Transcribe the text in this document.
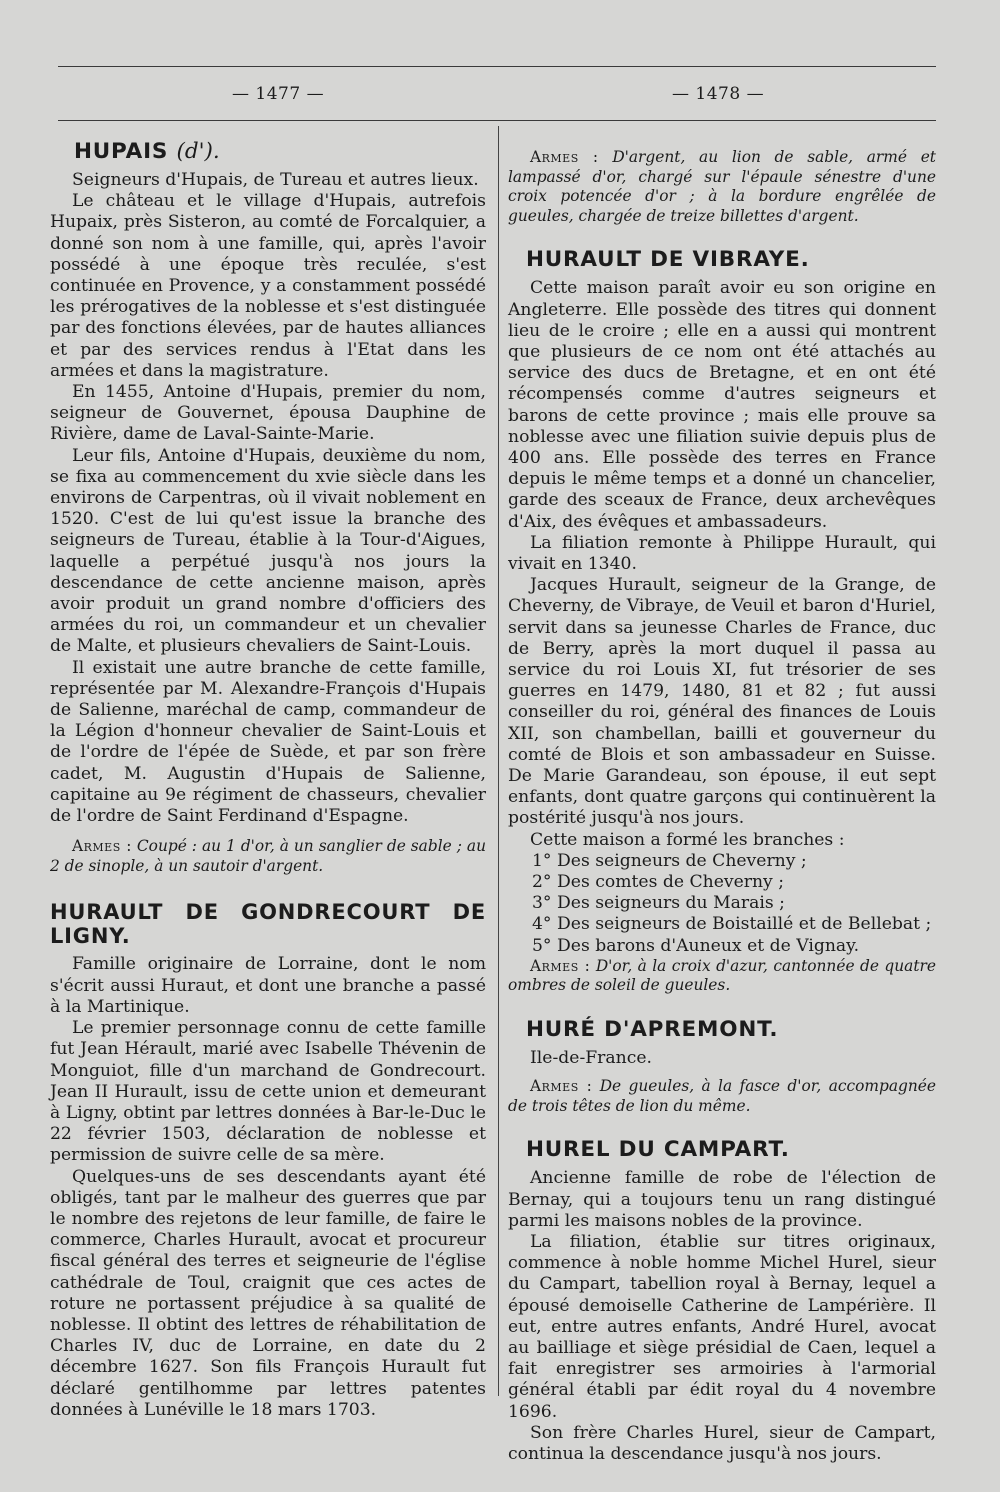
— 1477 —	— 1478 —
HUPAIS (d').

Seigneurs d'Hupais, de Tureau et autres lieux.

Le château et le village d'Hupais, autrefois Hupaix, près Sisteron, au comté de Forcalquier, a donné son nom à une famille, qui, après l'avoir possédé à une époque très reculée, s'est continuée en Provence, y a constamment possédé les prérogatives de la noblesse et s'est distinguée par des fonctions élevées, par de hautes alliances et par des services rendus à l'Etat dans les armées et dans la magistrature.

En 1455, Antoine d'Hupais, premier du nom, seigneur de Gouvernet, épousa Dauphine de Rivière, dame de Laval-Sainte-Marie.

Leur fils, Antoine d'Hupais, deuxième du nom, se fixa au commencement du xvie siècle dans les environs de Carpentras, où il vivait noblement en 1520. C'est de lui qu'est issue la branche des seigneurs de Tureau, établie à la Tour-d'Aigues, laquelle a perpétué jusqu'à nos jours la descendance de cette ancienne maison, après avoir produit un grand nombre d'officiers des armées du roi, un commandeur et un chevalier de Malte, et plusieurs chevaliers de Saint-Louis.

Il existait une autre branche de cette famille, représentée par M. Alexandre-François d'Hupais de Salienne, maréchal de camp, commandeur de la Légion d'honneur chevalier de Saint-Louis et de l'ordre de l'épée de Suède, et par son frère cadet, M. Augustin d'Hupais de Salienne, capitaine au 9e régiment de chasseurs, chevalier de l'ordre de Saint Ferdinand d'Espagne.

Armes : Coupé : au 1 d'or, à un sanglier de sable ; au 2 de sinople, à un sautoir d'argent.

HURAULT DE GONDRECOURT DE LIGNY.

Famille originaire de Lorraine, dont le nom s'écrit aussi Huraut, et dont une branche a passé à la Martinique.

Le premier personnage connu de cette famille fut Jean Hérault, marié avec Isabelle Thévenin de Monguiot, fille d'un marchand de Gondrecourt. Jean II Hurault, issu de cette union et demeurant à Ligny, obtint par lettres données à Bar-le-Duc le 22 février 1503, déclaration de noblesse et permission de suivre celle de sa mère.

Quelques-uns de ses descendants ayant été obligés, tant par le malheur des guerres que par le nombre des rejetons de leur famille, de faire le commerce, Charles Hurault, avocat et procureur fiscal général des terres et seigneurie de l'église cathédrale de Toul, craignit que ces actes de roture ne portassent préjudice à sa qualité de noblesse. Il obtint des lettres de réhabilitation de Charles IV, duc de Lorraine, en date du 2 décembre 1627. Son fils François Hurault fut déclaré gentilhomme par lettres patentes données à Lunéville le 18 mars 1703.

Armes : D'argent, au lion de sable, armé et lampassé d'or, chargé sur l'épaule sénestre d'une croix potencée d'or ; à la bordure engrêlée de gueules, chargée de treize billettes d'argent.

HURAULT DE VIBRAYE.

Cette maison paraît avoir eu son origine en Angleterre. Elle possède des titres qui donnent lieu de le croire ; elle en a aussi qui montrent que plusieurs de ce nom ont été attachés au service des ducs de Bretagne, et en ont été récompensés comme d'autres seigneurs et barons de cette province ; mais elle prouve sa noblesse avec une filiation suivie depuis plus de 400 ans. Elle possède des terres en France depuis le même temps et a donné un chancelier, garde des sceaux de France, deux archevêques d'Aix, des évêques et ambassadeurs.

La filiation remonte à Philippe Hurault, qui vivait en 1340.

Jacques Hurault, seigneur de la Grange, de Cheverny, de Vibraye, de Veuil et baron d'Huriel, servit dans sa jeunesse Charles de France, duc de Berry, après la mort duquel il passa au service du roi Louis XI, fut trésorier de ses guerres en 1479, 1480, 81 et 82 ; fut aussi conseiller du roi, général des finances de Louis XII, son chambellan, bailli et gouverneur du comté de Blois et son ambassadeur en Suisse. De Marie Garandeau, son épouse, il eut sept enfants, dont quatre garçons qui continuèrent la postérité jusqu'à nos jours.

Cette maison a formé les branches :

1° Des seigneurs de Cheverny ;

2° Des comtes de Cheverny ;

3° Des seigneurs du Marais ;

4° Des seigneurs de Boistaillé et de Bellebat ;

5° Des barons d'Auneux et de Vignay.

Armes : D'or, à la croix d'azur, cantonnée de quatre ombres de soleil de gueules.

HURÉ D'APREMONT.

Ile-de-France.

Armes : De gueules, à la fasce d'or, accompagnée de trois têtes de lion du même.

HUREL DU CAMPART.

Ancienne famille de robe de l'élection de Bernay, qui a toujours tenu un rang distingué parmi les maisons nobles de la province.

La filiation, établie sur titres originaux, commence à noble homme Michel Hurel, sieur du Campart, tabellion royal à Bernay, lequel a épousé demoiselle Catherine de Lampérière. Il eut, entre autres enfants, André Hurel, avocat au bailliage et siège présidial de Caen, lequel a fait enregistrer ses armoiries à l'armorial général établi par édit royal du 4 novembre 1696.

Son frère Charles Hurel, sieur de Campart, continua la descendance jusqu'à nos jours.
